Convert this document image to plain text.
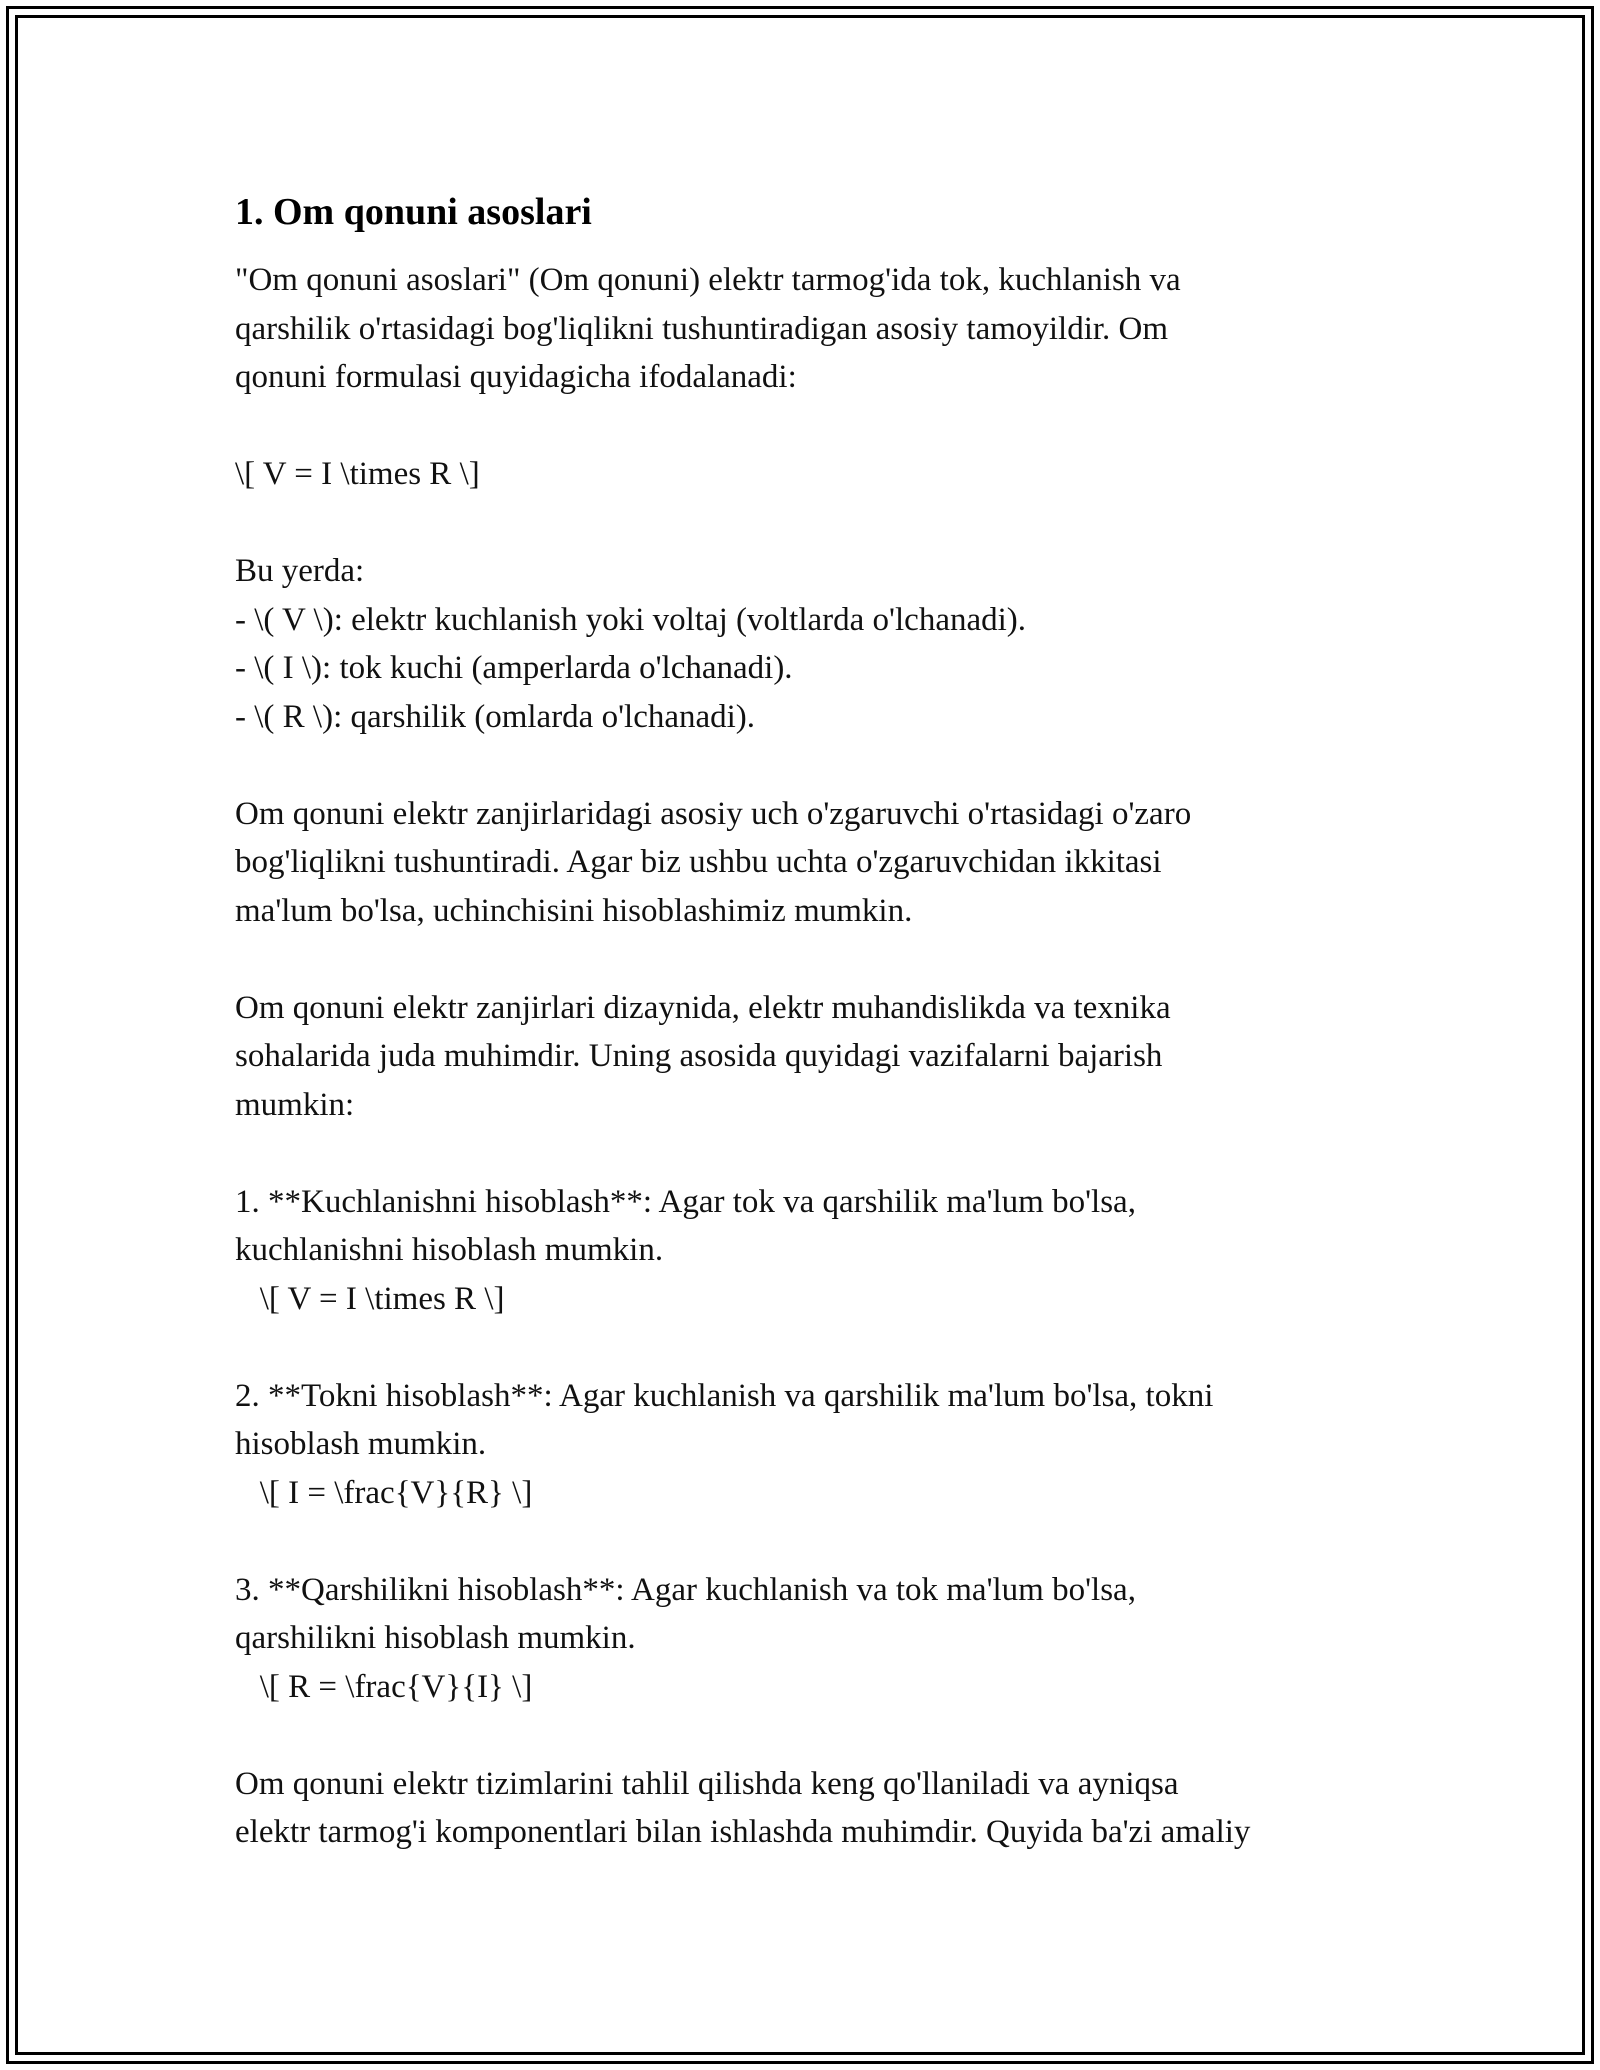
1. Om qonuni asoslari

"Om qonuni asoslari" (Om qonuni) elektr tarmog'ida tok, kuchlanish va
qarshilik o'rtasidagi bog'liqlikni tushuntiradigan asosiy tamoyildir. Om
qonuni formulasi quyidagicha ifodalanadi:

\[ V = I \times R \]

Bu yerda:
- \( V \): elektr kuchlanish yoki voltaj (voltlarda o'lchanadi).
- \( I \): tok kuchi (amperlarda o'lchanadi).
- \( R \): qarshilik (omlarda o'lchanadi).

Om qonuni elektr zanjirlaridagi asosiy uch o'zgaruvchi o'rtasidagi o'zaro
bog'liqlikni tushuntiradi. Agar biz ushbu uchta o'zgaruvchidan ikkitasi
ma'lum bo'lsa, uchinchisini hisoblashimiz mumkin.

Om qonuni elektr zanjirlari dizaynida, elektr muhandislikda va texnika
sohalarida juda muhimdir. Uning asosida quyidagi vazifalarni bajarish
mumkin:

1. **Kuchlanishni hisoblash**: Agar tok va qarshilik ma'lum bo'lsa,
kuchlanishni hisoblash mumkin.
\[ V = I \times R \]

2. **Tokni hisoblash**: Agar kuchlanish va qarshilik ma'lum bo'lsa, tokni
hisoblash mumkin.
\[ I = \frac{V}{R} \]

3. **Qarshilikni hisoblash**: Agar kuchlanish va tok ma'lum bo'lsa,
qarshilikni hisoblash mumkin.
\[ R = \frac{V}{I} \]

Om qonuni elektr tizimlarini tahlil qilishda keng qo'llaniladi va ayniqsa
elektr tarmog'i komponentlari bilan ishlashda muhimdir. Quyida ba'zi amaliy
